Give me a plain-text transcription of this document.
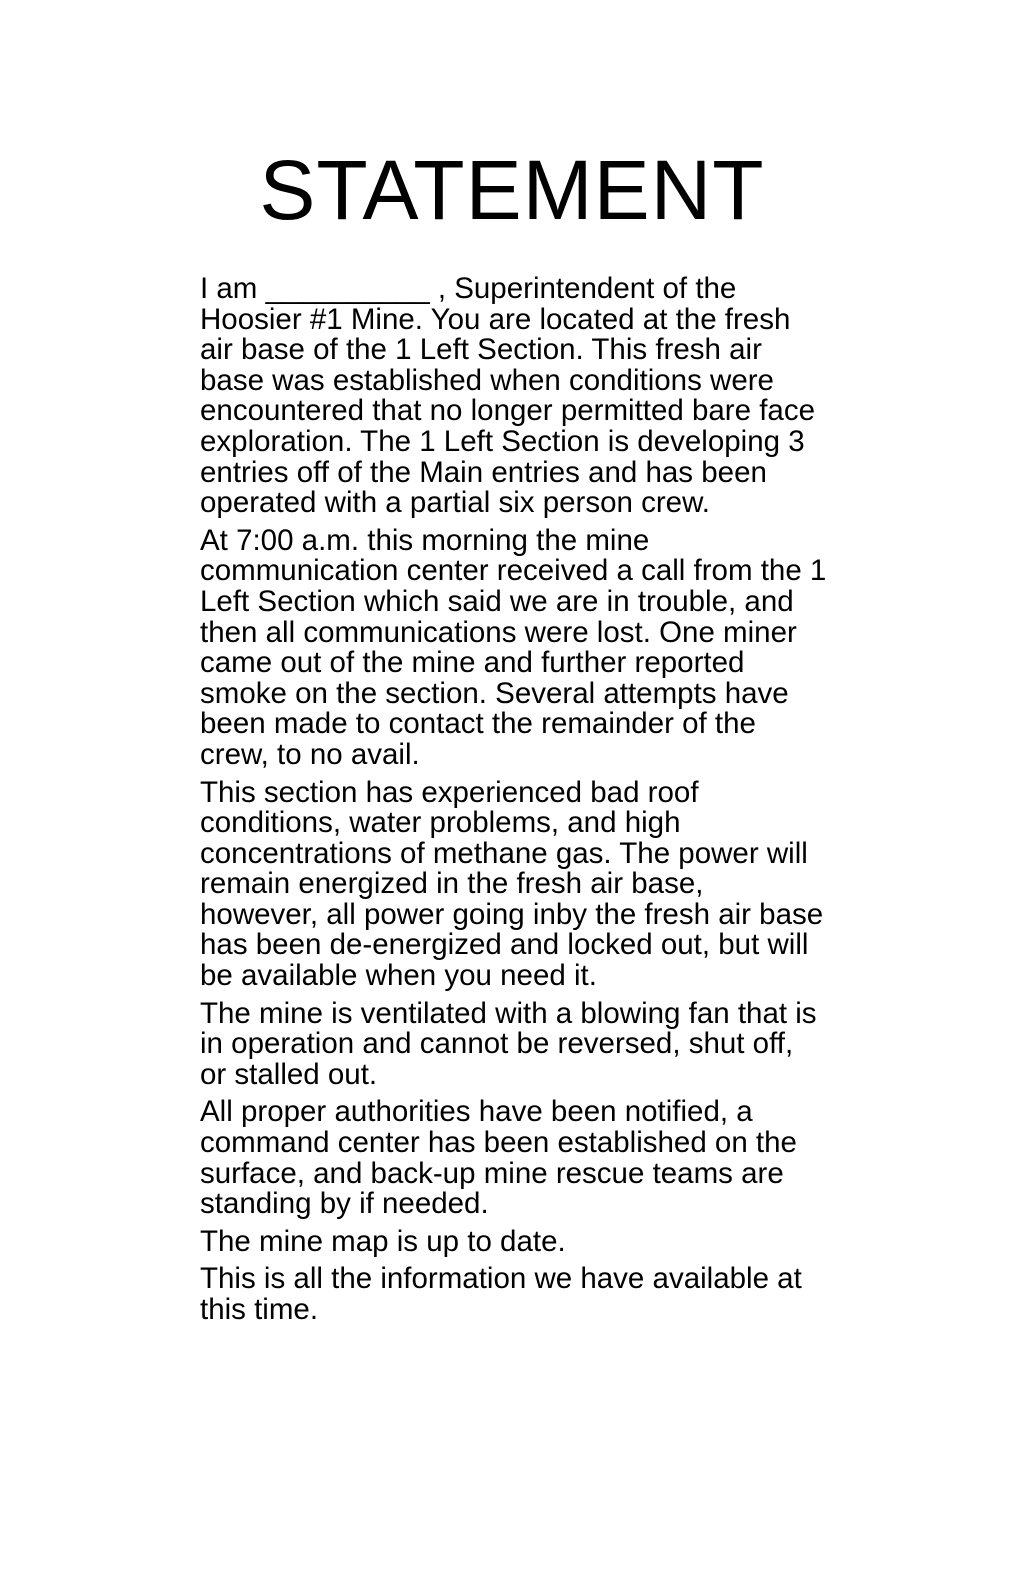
STATEMENT

I am __________ , Superintendent of the
Hoosier #1 Mine. You are located at the fresh
air base of the 1 Left Section. This fresh air
base was established when conditions were
encountered that no longer permitted bare face
exploration. The 1 Left Section is developing 3
entries off of the Main entries and has been
operated with a partial six person crew.

At 7:00 a.m. this morning the mine
communication center received a call from the 1
Left Section which said we are in trouble, and
then all communications were lost. One miner
came out of the mine and further reported
smoke on the section. Several attempts have
been made to contact the remainder of the
crew, to no avail.

This section has experienced bad roof
conditions, water problems, and high
concentrations of methane gas. The power will
remain energized in the fresh air base,
however, all power going inby the fresh air base
has been de-energized and locked out, but will
be available when you need it.

The mine is ventilated with a blowing fan that is
in operation and cannot be reversed, shut off,
or stalled out.

All proper authorities have been notified, a
command center has been established on the
surface, and back-up mine rescue teams are
standing by if needed.

The mine map is up to date.

This is all the information we have available at
this time.
